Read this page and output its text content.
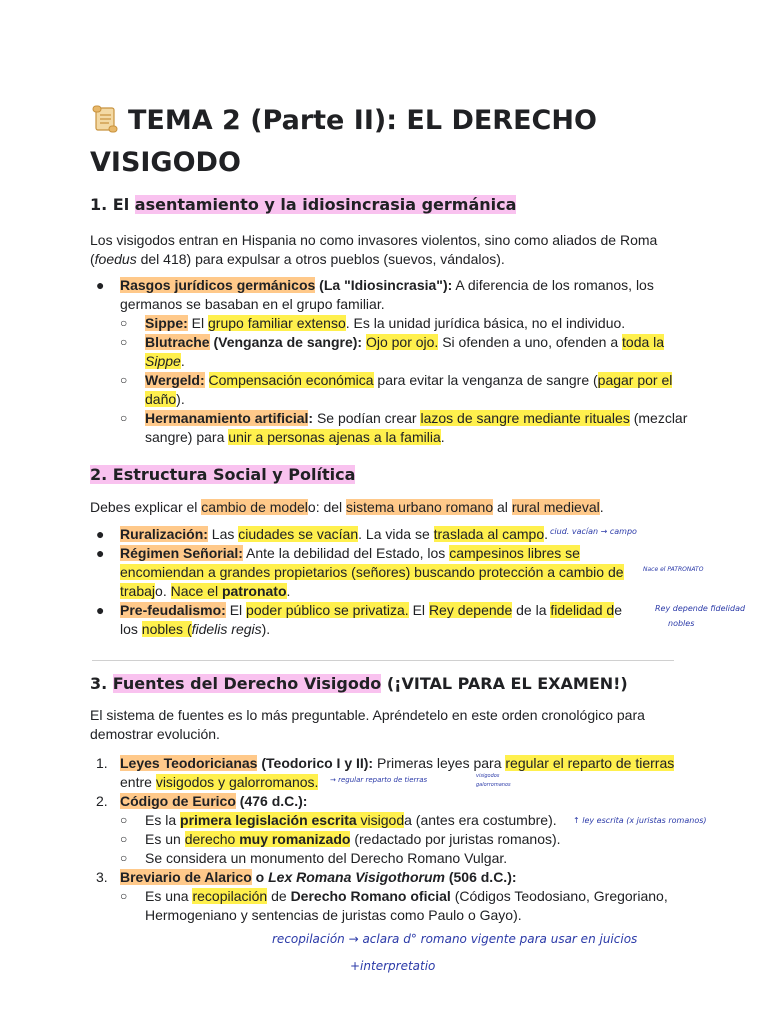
TEMA 2 (Parte II): EL DERECHO VISIGODO
1. El asentamiento y la idiosincrasia germánica

Los visigodos entran en Hispania no como invasores violentos, sino como aliados de Roma (foedus del 418) para expulsar a otros pueblos (suevos, vándalos).

● Rasgos jurídicos germánicos (La "Idiosincrasia"): A diferencia de los romanos, los germanos se basaban en el grupo familiar.
○ Sippe: El grupo familiar extenso. Es la unidad jurídica básica, no el individuo.
○ Blutrache (Venganza de sangre): Ojo por ojo. Si ofenden a uno, ofenden a toda la Sippe.
○ Wergeld: Compensación económica para evitar la venganza de sangre (pagar por el daño).
○ Hermanamiento artificial: Se podían crear lazos de sangre mediante rituales (mezclar sangre) para unir a personas ajenas a la familia.
2. Estructura Social y Política

Debes explicar el cambio de modelo: del sistema urbano romano al rural medieval.

● Ruralización: Las ciudades se vacían. La vida se traslada al campo.
● Régimen Señorial: Ante la debilidad del Estado, los campesinos libres se encomiendan a grandes propietarios (señores) buscando protección a cambio de trabajo. Nace el patronato.
● Pre-feudalismo: El poder público se privatiza. El Rey depende de la fidelidad de los nobles (fidelis regis).
3. Fuentes del Derecho Visigodo (¡VITAL PARA EL EXAMEN!)

El sistema de fuentes es lo más preguntable. Apréndetelo en este orden cronológico para demostrar evolución.

1. Leyes Teodoricianas (Teodorico I y II): Primeras leyes para regular el reparto de tierras entre visigodos y galorromanos.
2. Código de Eurico (476 d.C.):
○ Es la primera legislación escrita visigoda (antes era costumbre).
○ Es un derecho muy romanizado (redactado por juristas romanos).
○ Se considera un monumento del Derecho Romano Vulgar.
3. Breviario de Alarico o Lex Romana Visigothorum (506 d.C.):
○ Es una recopilación de Derecho Romano oficial (Códigos Teodosiano, Gregoriano, Hermogeniano y sentencias de juristas como Paulo o Gayo).
ciud. vacían → campo
Nace el PATRONATO
Rey depende fidelidad
nobles
→ regular reparto de tierras	visigodos
galorromanos
↑ ley escrita (x juristas romanos)
recopilación → aclara d° romano vigente para usar en juicios
+interpretatio
